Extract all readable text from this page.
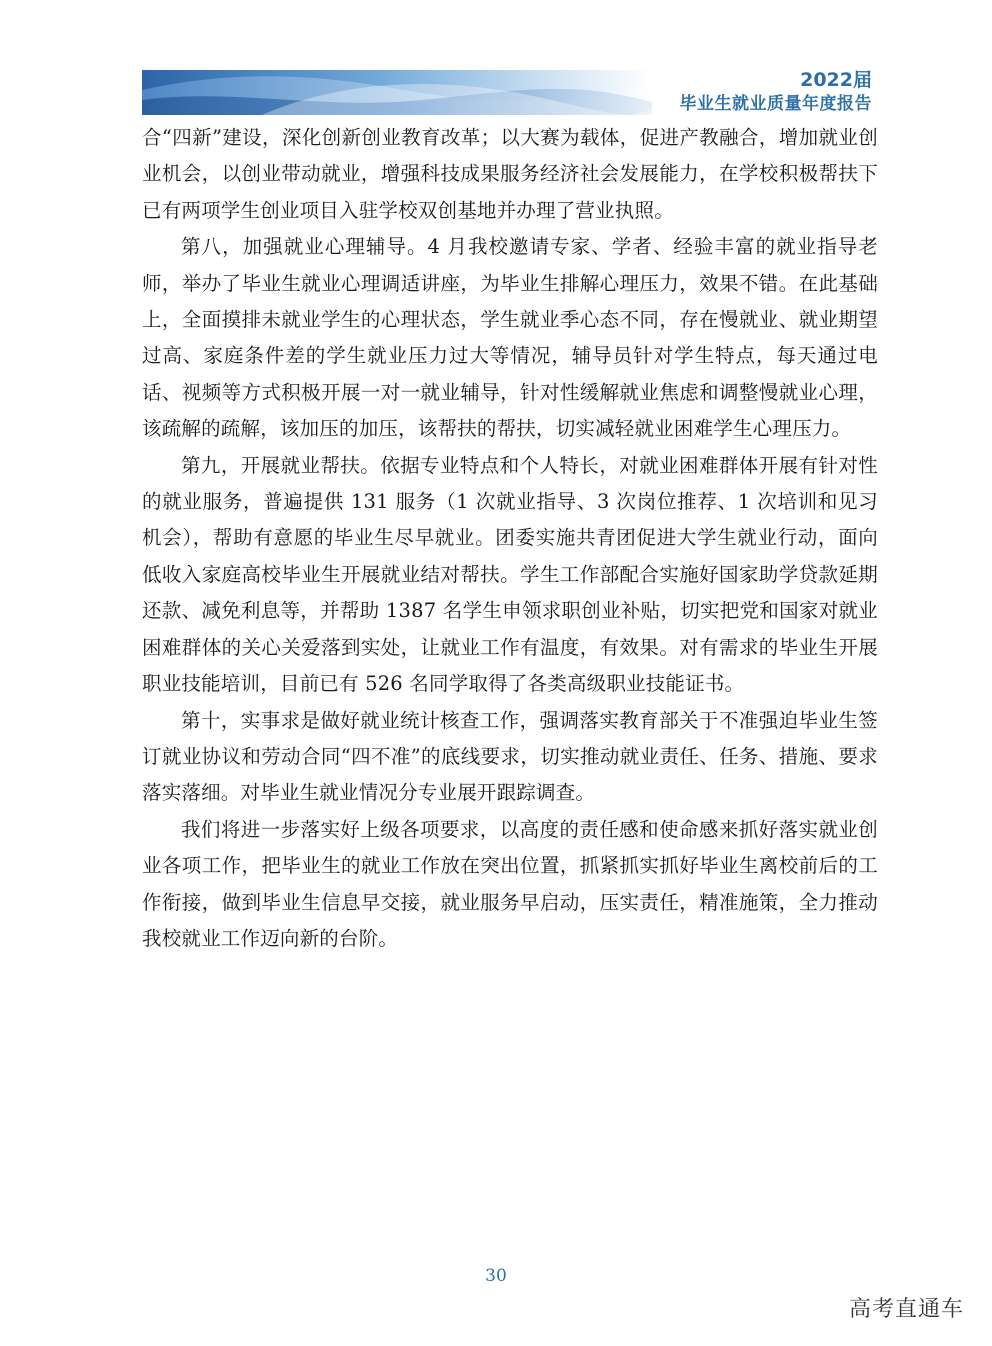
2022届
毕业生就业质量年度报告

合“四新”建设，深化创新创业教育改革；以大赛为载体，促进产教融合，增加就业创业机会，以创业带动就业，增强科技成果服务经济社会发展能力，在学校积极帮扶下已有两项学生创业项目入驻学校双创基地并办理了营业执照。

第八，加强就业心理辅导。4 月我校邀请专家、学者、经验丰富的就业指导老师，举办了毕业生就业心理调适讲座，为毕业生排解心理压力，效果不错。在此基础上，全面摸排未就业学生的心理状态，学生就业季心态不同，存在慢就业、就业期望过高、家庭条件差的学生就业压力过大等情况，辅导员针对学生特点，每天通过电话、视频等方式积极开展一对一就业辅导，针对性缓解就业焦虑和调整慢就业心理，该疏解的疏解，该加压的加压，该帮扶的帮扶，切实减轻就业困难学生心理压力。

第九，开展就业帮扶。依据专业特点和个人特长，对就业困难群体开展有针对性的就业服务，普遍提供 131 服务（1 次就业指导、3 次岗位推荐、1 次培训和见习机会），帮助有意愿的毕业生尽早就业。团委实施共青团促进大学生就业行动，面向低收入家庭高校毕业生开展就业结对帮扶。学生工作部配合实施好国家助学贷款延期还款、减免利息等，并帮助 1387 名学生申领求职创业补贴，切实把党和国家对就业困难群体的关心关爱落到实处，让就业工作有温度，有效果。对有需求的毕业生开展职业技能培训，目前已有 526 名同学取得了各类高级职业技能证书。

第十，实事求是做好就业统计核查工作，强调落实教育部关于不准强迫毕业生签订就业协议和劳动合同“四不准”的底线要求，切实推动就业责任、任务、措施、要求落实落细。对毕业生就业情况分专业展开跟踪调查。

我们将进一步落实好上级各项要求，以高度的责任感和使命感来抓好落实就业创业各项工作，把毕业生的就业工作放在突出位置，抓紧抓实抓好毕业生离校前后的工作衔接，做到毕业生信息早交接，就业服务早启动，压实责任，精准施策，全力推动我校就业工作迈向新的台阶。

30
高考直通车
